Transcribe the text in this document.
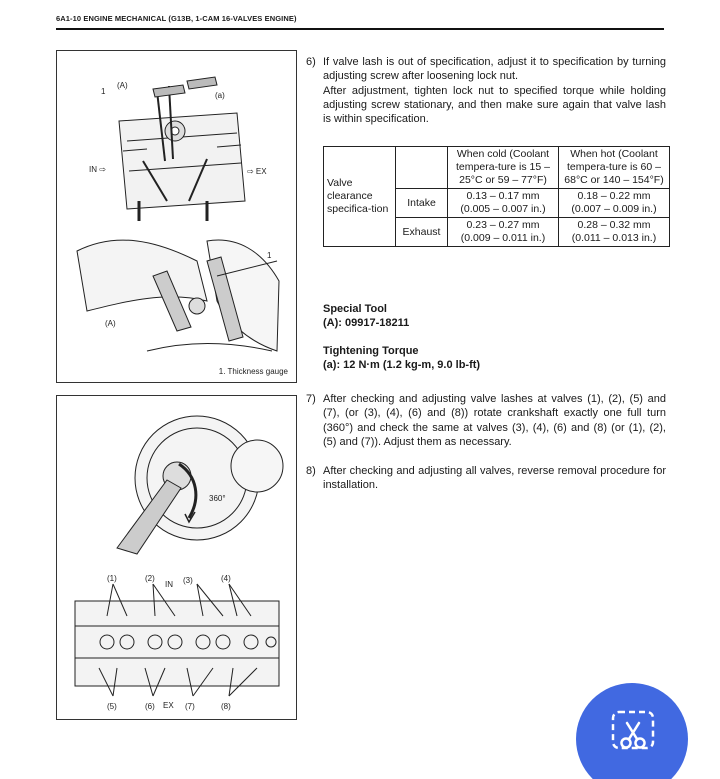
6A1-10 ENGINE MECHANICAL (G13B, 1-CAM 16-VALVES ENGINE)
1
(A)
(a)
IN ⇨	⇨ EX
1
(A)
1. Thickness gauge
360°
(1)	(2)
IN (3)	(4)
(5)	(6) EX (7)	(8)
6) If valve lash is out of specification, adjust it to specification by turning adjusting screw after loosening lock nut.
After adjustment, tighten lock nut to specified torque while holding adjusting screw stationary, and then make sure again that valve lash is within specification.
Valve clearance specifica-tion		When cold (Coolant tempera-ture is 15 – 25°C or 59 – 77°F)	When hot (Coolant tempera-ture is 60 – 68°C or 140 – 154°F)
	Intake	0.13 – 0.17 mm (0.005 – 0.007 in.)	0.18 – 0.22 mm (0.007 – 0.009 in.)
	Exhaust	0.23 – 0.27 mm (0.009 – 0.011 in.)	0.28 – 0.32 mm (0.011 – 0.013 in.)
Special Tool
(A): 09917-18211
Tightening Torque
(a): 12 N·m (1.2 kg-m, 9.0 lb-ft)
7) After checking and adjusting valve lashes at valves (1), (2), (5) and (7), (or (3), (4), (6) and (8)) rotate crankshaft exactly one full turn (360°) and check the same at valves (3), (4), (6) and (8) (or (1), (2), (5) and (7)). Adjust them as necessary.
8) After checking and adjusting all valves, reverse removal procedure for installation.
